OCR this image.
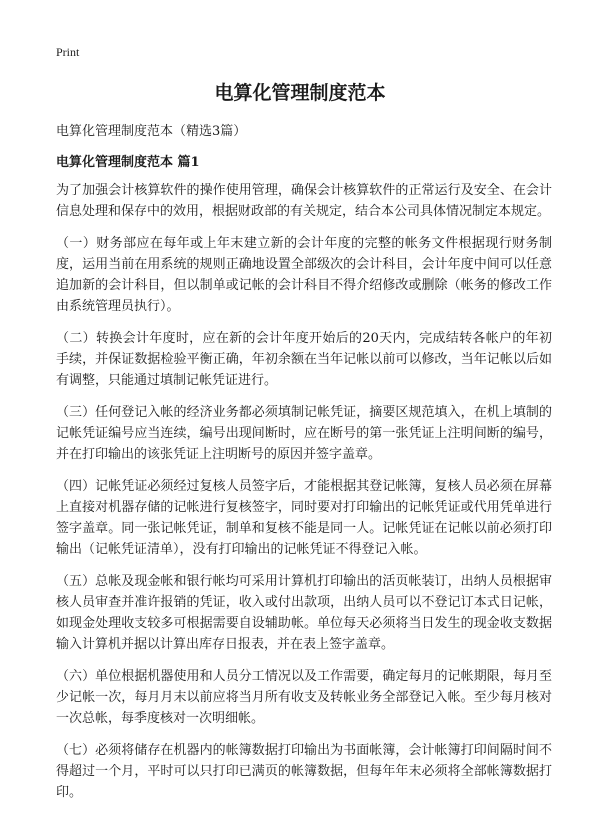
Print
电算化管理制度范本

电算化管理制度范本（精选3篇）

电算化管理制度范本 篇1

为了加强会计核算软件的操作使用管理，确保会计核算软件的正常运行及安全、在会计信息处理和保存中的效用，根据财政部的有关规定，结合本公司具体情况制定本规定。

（一）财务部应在每年或上年末建立新的会计年度的完整的帐务文件根据现行财务制度，运用当前在用系统的规则正确地设置全部级次的会计科目，会计年度中间可以任意追加新的会计科目，但以制单或记帐的会计科目不得介绍修改或删除（帐务的修改工作由系统管理员执行）。

（二）转换会计年度时，应在新的会计年度开始后的20天内，完成结转各帐户的年初手续，并保证数据检验平衡正确，年初余额在当年记帐以前可以修改，当年记帐以后如有调整，只能通过填制记帐凭证进行。

（三）任何登记入帐的经济业务都必须填制记帐凭证，摘要区规范填入，在机上填制的记帐凭证编号应当连续，编号出现间断时，应在断号的第一张凭证上注明间断的编号，并在打印输出的该张凭证上注明断号的原因并签字盖章。

（四）记帐凭证必须经过复核人员签字后，才能根据其登记帐簿，复核人员必须在屏幕上直接对机器存储的记帐进行复核签字，同时要对打印输出的记帐凭证或代用凭单进行签字盖章。同一张记帐凭证，制单和复核不能是同一人。记帐凭证在记帐以前必须打印输出（记帐凭证清单），没有打印输出的记帐凭证不得登记入帐。

（五）总帐及现金帐和银行帐均可采用计算机打印输出的活页帐装订，出纳人员根据审核人员审查并准许报销的凭证，收入或付出款项，出纳人员可以不登记订本式日记帐，如现金处理收支较多可根据需要自设辅助帐。单位每天必须将当日发生的现金收支数据输入计算机并据以计算出库存日报表，并在表上签字盖章。

（六）单位根据机器使用和人员分工情况以及工作需要，确定每月的记帐期限，每月至少记帐一次，每月月末以前应将当月所有收支及转帐业务全部登记入帐。至少每月核对一次总帐，每季度核对一次明细帐。

（七）必须将储存在机器内的帐簿数据打印输出为书面帐簿，会计帐簿打印间隔时间不得超过一个月，平时可以只打印已满页的帐簿数据，但每年年末必须将全部帐簿数据打印。
